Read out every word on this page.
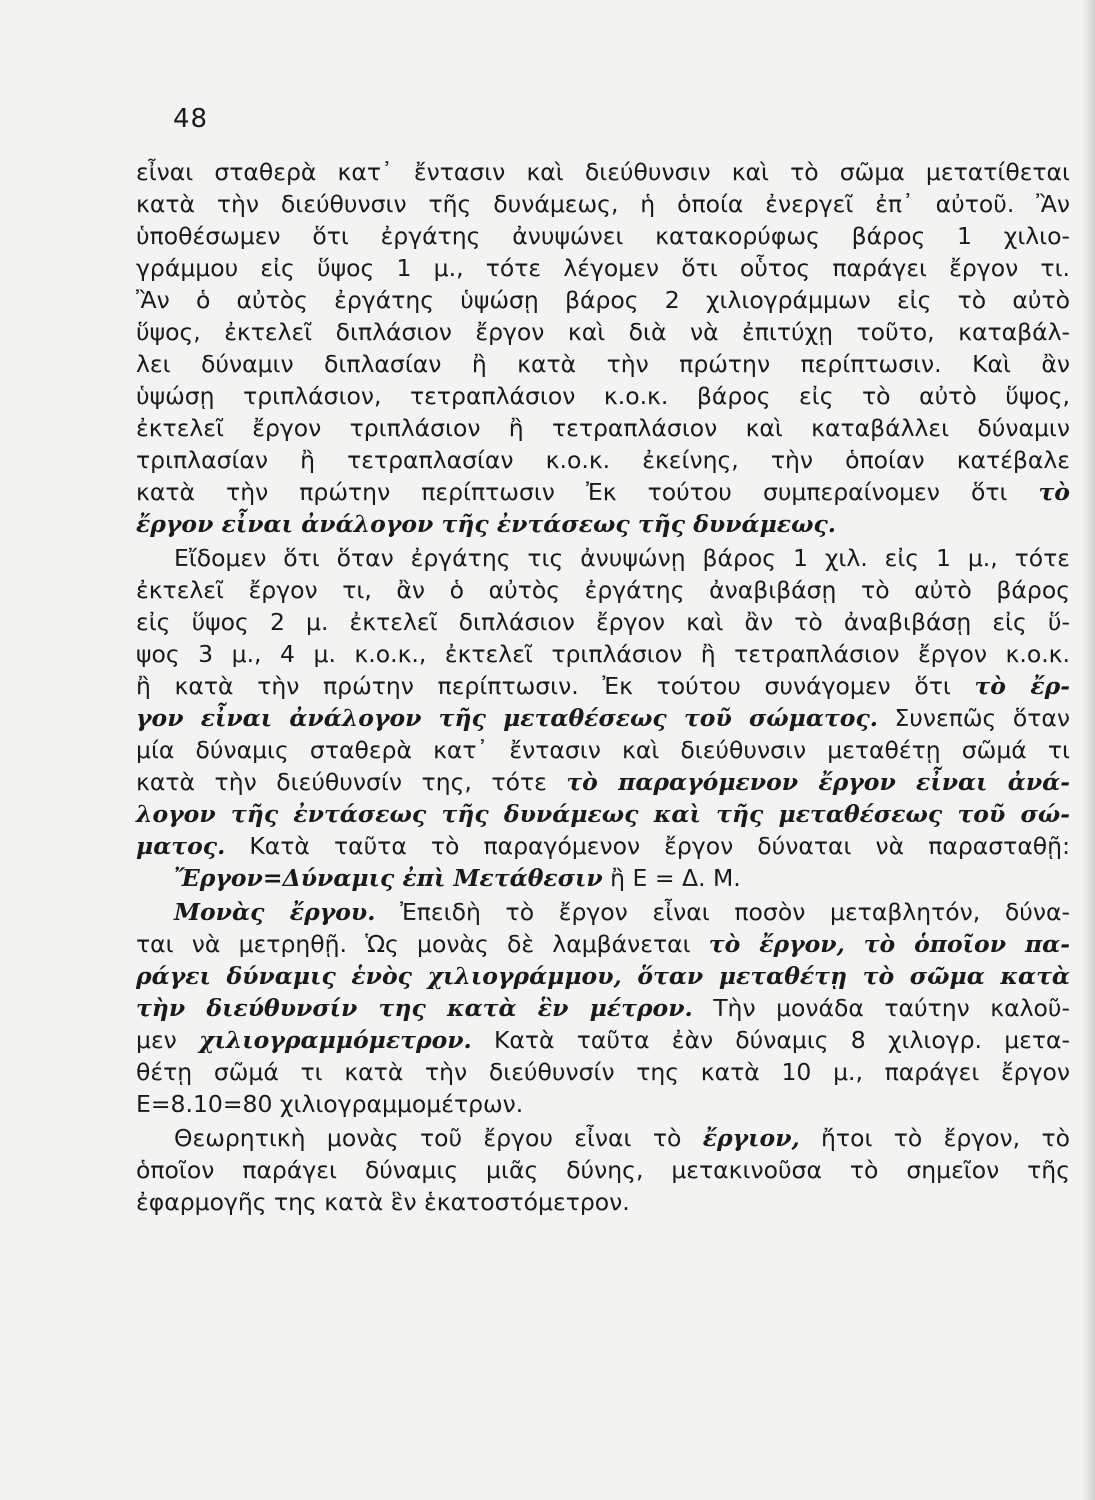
48
εἶναι σταθερὰ κατ᾽ ἔντασιν καὶ διεύθυνσιν καὶ τὸ σῶμα μετατίθεται
κατὰ τὴν διεύθυνσιν τῆς δυνάμεως, ἡ ὁποία ἐνεργεῖ ἐπ᾽ αὐτοῦ. Ἂν
ὑποθέσωμεν ὅτι ἐργάτης ἀνυψώνει κατακορύφως βάρος 1 χιλιο-
γράμμου εἰς ὕψος 1 μ., τότε λέγομεν ὅτι οὗτος παράγει ἔργον τι.
Ἂν ὁ αὐτὸς ἐργάτης ὑψώσῃ βάρος 2 χιλιογράμμων εἰς τὸ αὐτὸ
ὕψος, ἐκτελεῖ διπλάσιον ἔργον καὶ διὰ νὰ ἐπιτύχῃ τοῦτο, καταβάλ-
λει δύναμιν διπλασίαν ἢ κατὰ τὴν πρώτην περίπτωσιν. Καὶ ἂν
ὑψώσῃ τριπλάσιον, τετραπλάσιον κ.ο.κ. βάρος εἰς τὸ αὐτὸ ὕψος,
ἐκτελεῖ ἔργον τριπλάσιον ἢ τετραπλάσιον καὶ καταβάλλει δύναμιν
τριπλασίαν ἢ τετραπλασίαν κ.ο.κ. ἐκείνης, τὴν ὁποίαν κατέβαλε
κατὰ τὴν πρώτην περίπτωσιν Ἐκ τούτου συμπεραίνομεν ὅτι τὸ
ἔργον εἶναι ἀνάλογον τῆς ἐντάσεως τῆς δυνάμεως.
Εἴδομεν ὅτι ὅταν ἐργάτης τις ἀνυψώνῃ βάρος 1 χιλ. εἰς 1 μ., τότε
ἐκτελεῖ ἔργον τι, ἂν ὁ αὐτὸς ἐργάτης ἀναβιβάσῃ τὸ αὐτὸ βάρος
εἰς ὕψος 2 μ. ἐκτελεῖ διπλάσιον ἔργον καὶ ἂν τὸ ἀναβιβάσῃ εἰς ὕ-
ψος 3 μ., 4 μ. κ.ο.κ., ἐκτελεῖ τριπλάσιον ἢ τετραπλάσιον ἔργον κ.ο.κ.
ἢ κατὰ τὴν πρώτην περίπτωσιν. Ἐκ τούτου συνάγομεν ὅτι τὸ ἔρ-
γον εἶναι ἀνάλογον τῆς μεταθέσεως τοῦ σώματος. Συνεπῶς ὅταν
μία δύναμις σταθερὰ κατ᾽ ἔντασιν καὶ διεύθυνσιν μεταθέτῃ σῶμά τι
κατὰ τὴν διεύθυνσίν της, τότε τὸ παραγόμενον ἔργον εἶναι ἀνά-
λογον τῆς ἐντάσεως τῆς δυνάμεως καὶ τῆς μεταθέσεως τοῦ σώ-
ματος. Κατὰ ταῦτα τὸ παραγόμενον ἔργον δύναται νὰ παρασταθῇ:
Ἔργον=Δύναμις ἐπὶ Μετάθεσιν ἢ Ε = Δ. Μ.
Μονὰς ἔργου. Ἐπειδὴ τὸ ἔργον εἶναι ποσὸν μεταβλητόν, δύνα-
ται νὰ μετρηθῇ. Ὡς μονὰς δὲ λαμβάνεται τὸ ἔργον, τὸ ὁποῖον πα-
ράγει δύναμις ἑνὸς χιλιογράμμου, ὅταν μεταθέτῃ τὸ σῶμα κατὰ
τὴν διεύθυνσίν της κατὰ ἓν μέτρον. Τὴν μονάδα ταύτην καλοῦ-
μεν χιλιογραμμόμετρον. Κατὰ ταῦτα ἐὰν δύναμις 8 χιλιογρ. μετα-
θέτῃ σῶμά τι κατὰ τὴν διεύθυνσίν της κατὰ 10 μ., παράγει ἔργον
Ε=8.10=80 χιλιογραμμομέτρων.
Θεωρητικὴ μονὰς τοῦ ἔργου εἶναι τὸ ἔργιον, ἤτοι τὸ ἔργον, τὸ
ὁποῖον παράγει δύναμις μιᾶς δύνης, μετακινοῦσα τὸ σημεῖον τῆς
ἐφαρμογῆς της κατὰ ἓν ἑκατοστόμετρον.
